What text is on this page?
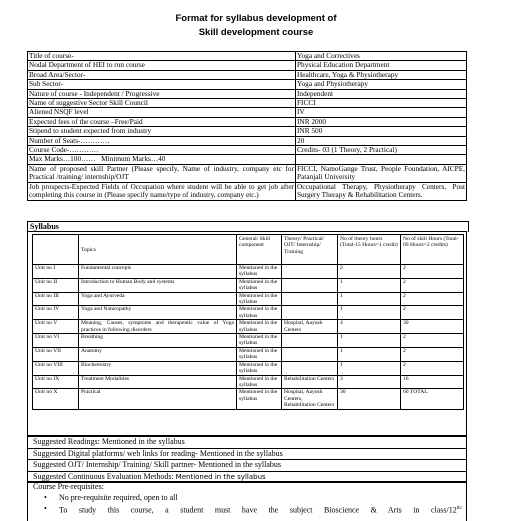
Format for syllabus development of
Skill development course
Title of course-	Yoga and Correctives
Nodal Department of HEI to run course	Physical Education Department
Broad Area/Sector-	Healthcare, Yoga & Physiotherapy
Sub Sector-	Yoga and Physiotherapy
Nature of course - Independent / Progressive	Independent
Name of suggestive Sector Skill Council	FICCI
Aliened NSQF level	IV
Expected fees of the course –Free/Paid	INR 2000
Stipend to student expected from industry	INR 500
Number of Seats-…………	20
Course Code-…………	Credits- 03 (1 Theory, 2 Practical)
Max Marks…100……   Minimum Marks…40	
Name of proposed skill Partner (Please specify, Name of industry, company etc for Practical /training/ internship/OJT	FICCI, NamoGange Trust, People Foundation, AICPE, Patanjali University
Job prospects-Expected Fields of Occupation where student will be able to get job after completing this course in (Please specify name/type of industry, company etc.)	Occupational Therapy, Physiotherapy Centers, Post Surgery Therapy & Rehabilitation Centers.
Syllabus
	Topics	General/ Skill component	Theory/ Practical/ OJT/ Internship/ Training	No of theory hours (Total-15 Hours=1 credit)	No of skill Hours (Total-60 Hours=2 credits)
Unit no I	Fundamental concepts	Mentioned in the syllabus		2	2
Unit no II	Introduction to Human Body and systems	Mentioned in the syllabus		1	2
Unit no III	Yoga and Ayurveda	Mentioned in the syllabus		1	2
Unit no IV	Yoga and Naturopathy	Mentioned in the syllabus		1	2
Unit no V	Meaning, Causes, symptoms and therapeutic value of Yoga practices in following disorders	Mentioned in the syllabus	Hospital, Aayush Centers	4	30
Unit no VI	Breathing	Mentioned in the syllabus		1	2
Unit no VII	Anatomy	Mentioned in the syllabus		1	2
Unit no VIII	Biochemistry	Mentioned in the syllabus		1	2
Unit no IX	Treatment Modalities	Mentioned in the syllabus	Rehabilitation Centers	3	16
Unit no X	Practical	Mentioned in the syllabus	Hospital, Aayush Centers, Rehabilitation Centers	30	60 TOTAL
Suggested Readings: Mentioned in the syllabus
Suggested Digital platforms/ web links for reading- Mentioned in the syllabus
Suggested OJT/ Internship/ Training/ Skill partner- Mentioned in the syllabus
Suggested Continuous Evaluation Methods: Mentioned in the syllabus
Course Pre-requisites:
• No pre-requisite required, open to all
• To study this course, a student must have the subject Bioscience & Arts in class/$12^{th/}$
